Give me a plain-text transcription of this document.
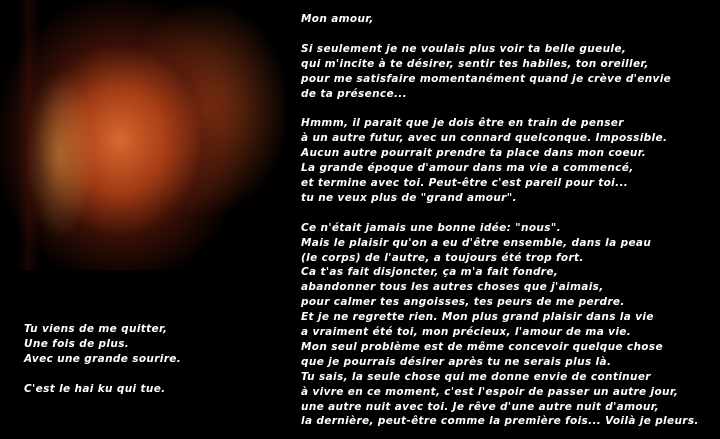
Tu viens de me quitter,
Une fois de plus.
Avec une grande sourire.

C'est le hai ku qui tue.
Mon amour,

Si seulement je ne voulais plus voir ta belle gueule,
qui m'incite à te désirer, sentir tes habiles, ton oreiller,
pour me satisfaire momentanément quand je crève d'envie
de ta présence...

Hmmm, il parait que je dois être en train de penser
à un autre futur, avec un connard quelconque. Impossible.
Aucun autre pourrait prendre ta place dans mon coeur.
La grande époque d'amour dans ma vie a commencé,
et termine avec toi. Peut-être c'est pareil pour toi...
tu ne veux plus de "grand amour".

Ce n'était jamais une bonne idée: "nous".
Mais le plaisir qu'on a eu d'être ensemble, dans la peau
(le corps) de l'autre, a toujours été trop fort.
Ca t'as fait disjoncter, ça m'a fait fondre,
abandonner tous les autres choses que j'aimais,
pour calmer tes angoisses, tes peurs de me perdre.
Et je ne regrette rien. Mon plus grand plaisir dans la vie
a vraiment été toi, mon précieux, l'amour de ma vie.
Mon seul problème est de même concevoir quelque chose
que je pourrais désirer après tu ne serais plus là.
Tu sais, la seule chose qui me donne envie de continuer
à vivre en ce moment, c'est l'espoir de passer un autre jour,
une autre nuit avec toi. Je rêve d'une autre nuit d'amour,
la dernière, peut-être comme la première fois... Voilà je pleurs.
